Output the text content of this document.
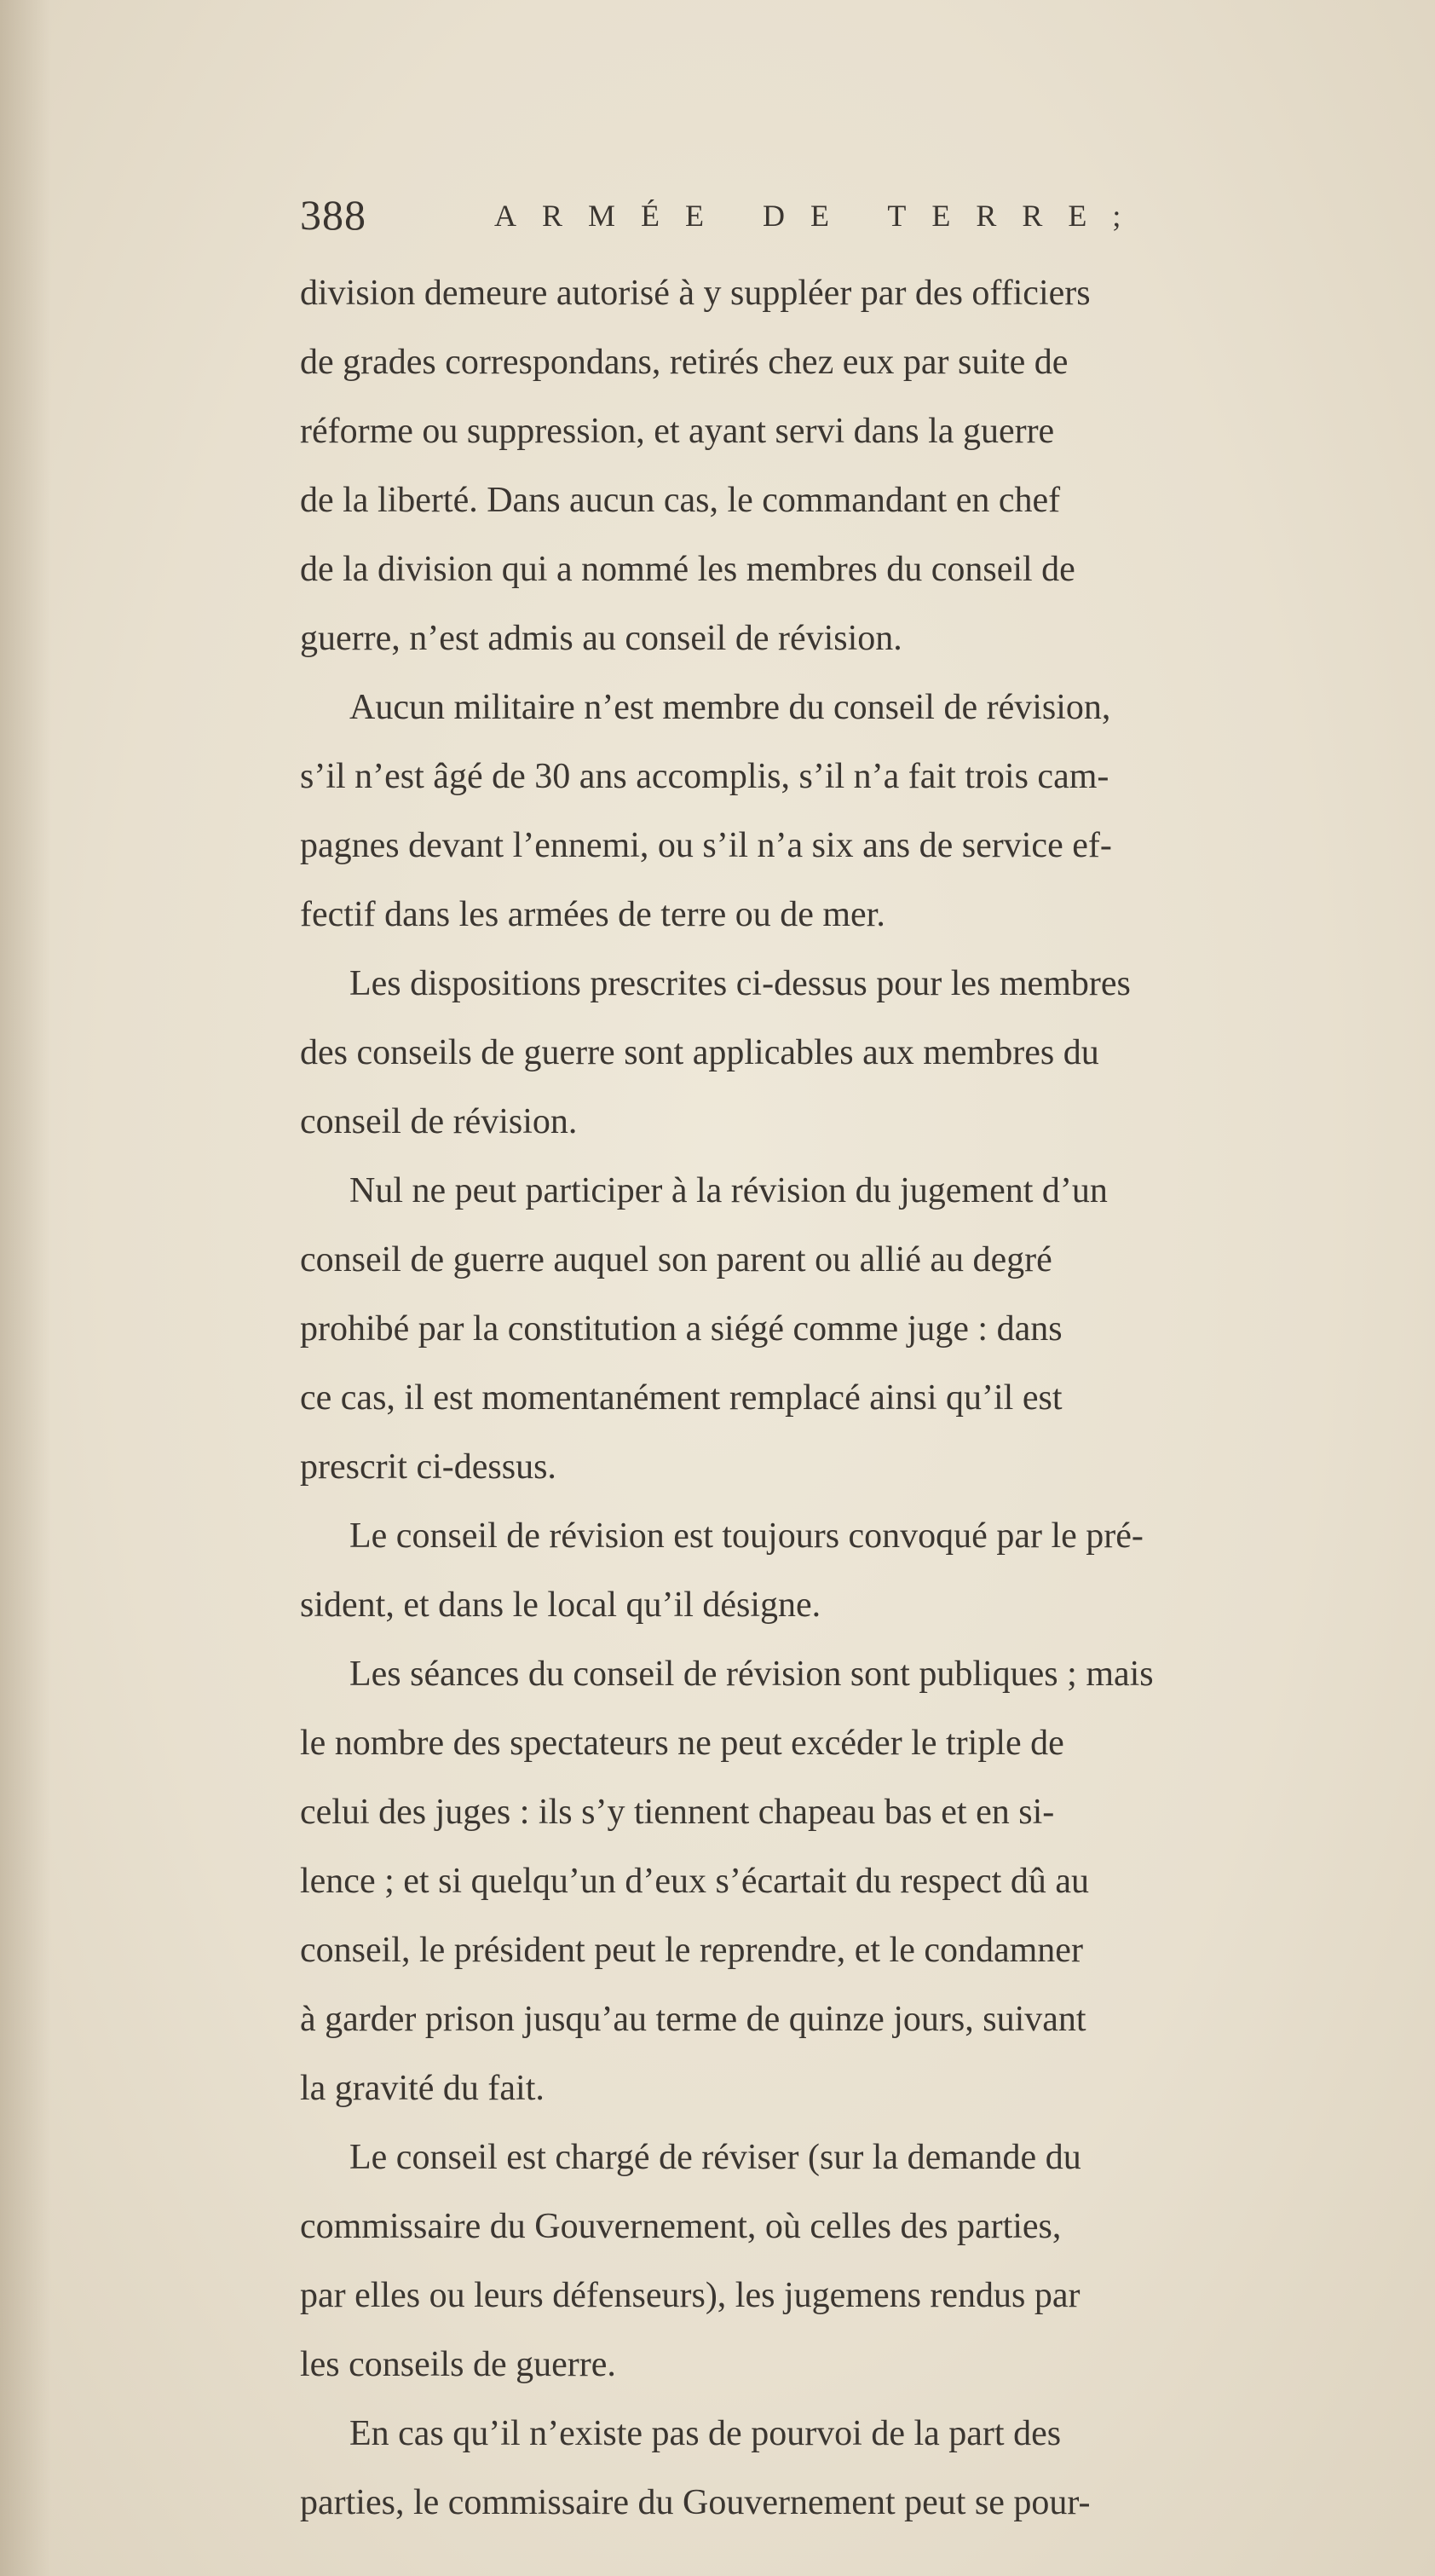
388	ARMÉE DE TERRE;
division demeure autorisé à y suppléer par des officiers
de grades correspondans, retirés chez eux par suite de
réforme ou suppression, et ayant servi dans la guerre
de la liberté. Dans aucun cas, le commandant en chef
de la division qui a nommé les membres du conseil de
guerre, n’est admis au conseil de révision.
Aucun militaire n’est membre du conseil de révision,
s’il n’est âgé de 30 ans accomplis, s’il n’a fait trois cam-
pagnes devant l’ennemi, ou s’il n’a six ans de service ef-
fectif dans les armées de terre ou de mer.
Les dispositions prescrites ci-dessus pour les membres
des conseils de guerre sont applicables aux membres du
conseil de révision.
Nul ne peut participer à la révision du jugement d’un
conseil de guerre auquel son parent ou allié au degré
prohibé par la constitution a siégé comme juge : dans
ce cas, il est momentanément remplacé ainsi qu’il est
prescrit ci-dessus.
Le conseil de révision est toujours convoqué par le pré-
sident, et dans le local qu’il désigne.
Les séances du conseil de révision sont publiques ; mais
le nombre des spectateurs ne peut excéder le triple de
celui des juges : ils s’y tiennent chapeau bas et en si-
lence ; et si quelqu’un d’eux s’écartait du respect dû au
conseil, le président peut le reprendre, et le condamner
à garder prison jusqu’au terme de quinze jours, suivant
la gravité du fait.
Le conseil est chargé de réviser (sur la demande du
commissaire du Gouvernement, où celles des parties,
par elles ou leurs défenseurs), les jugemens rendus par
les conseils de guerre.
En cas qu’il n’existe pas de pourvoi de la part des
parties, le commissaire du Gouvernement peut se pour-
